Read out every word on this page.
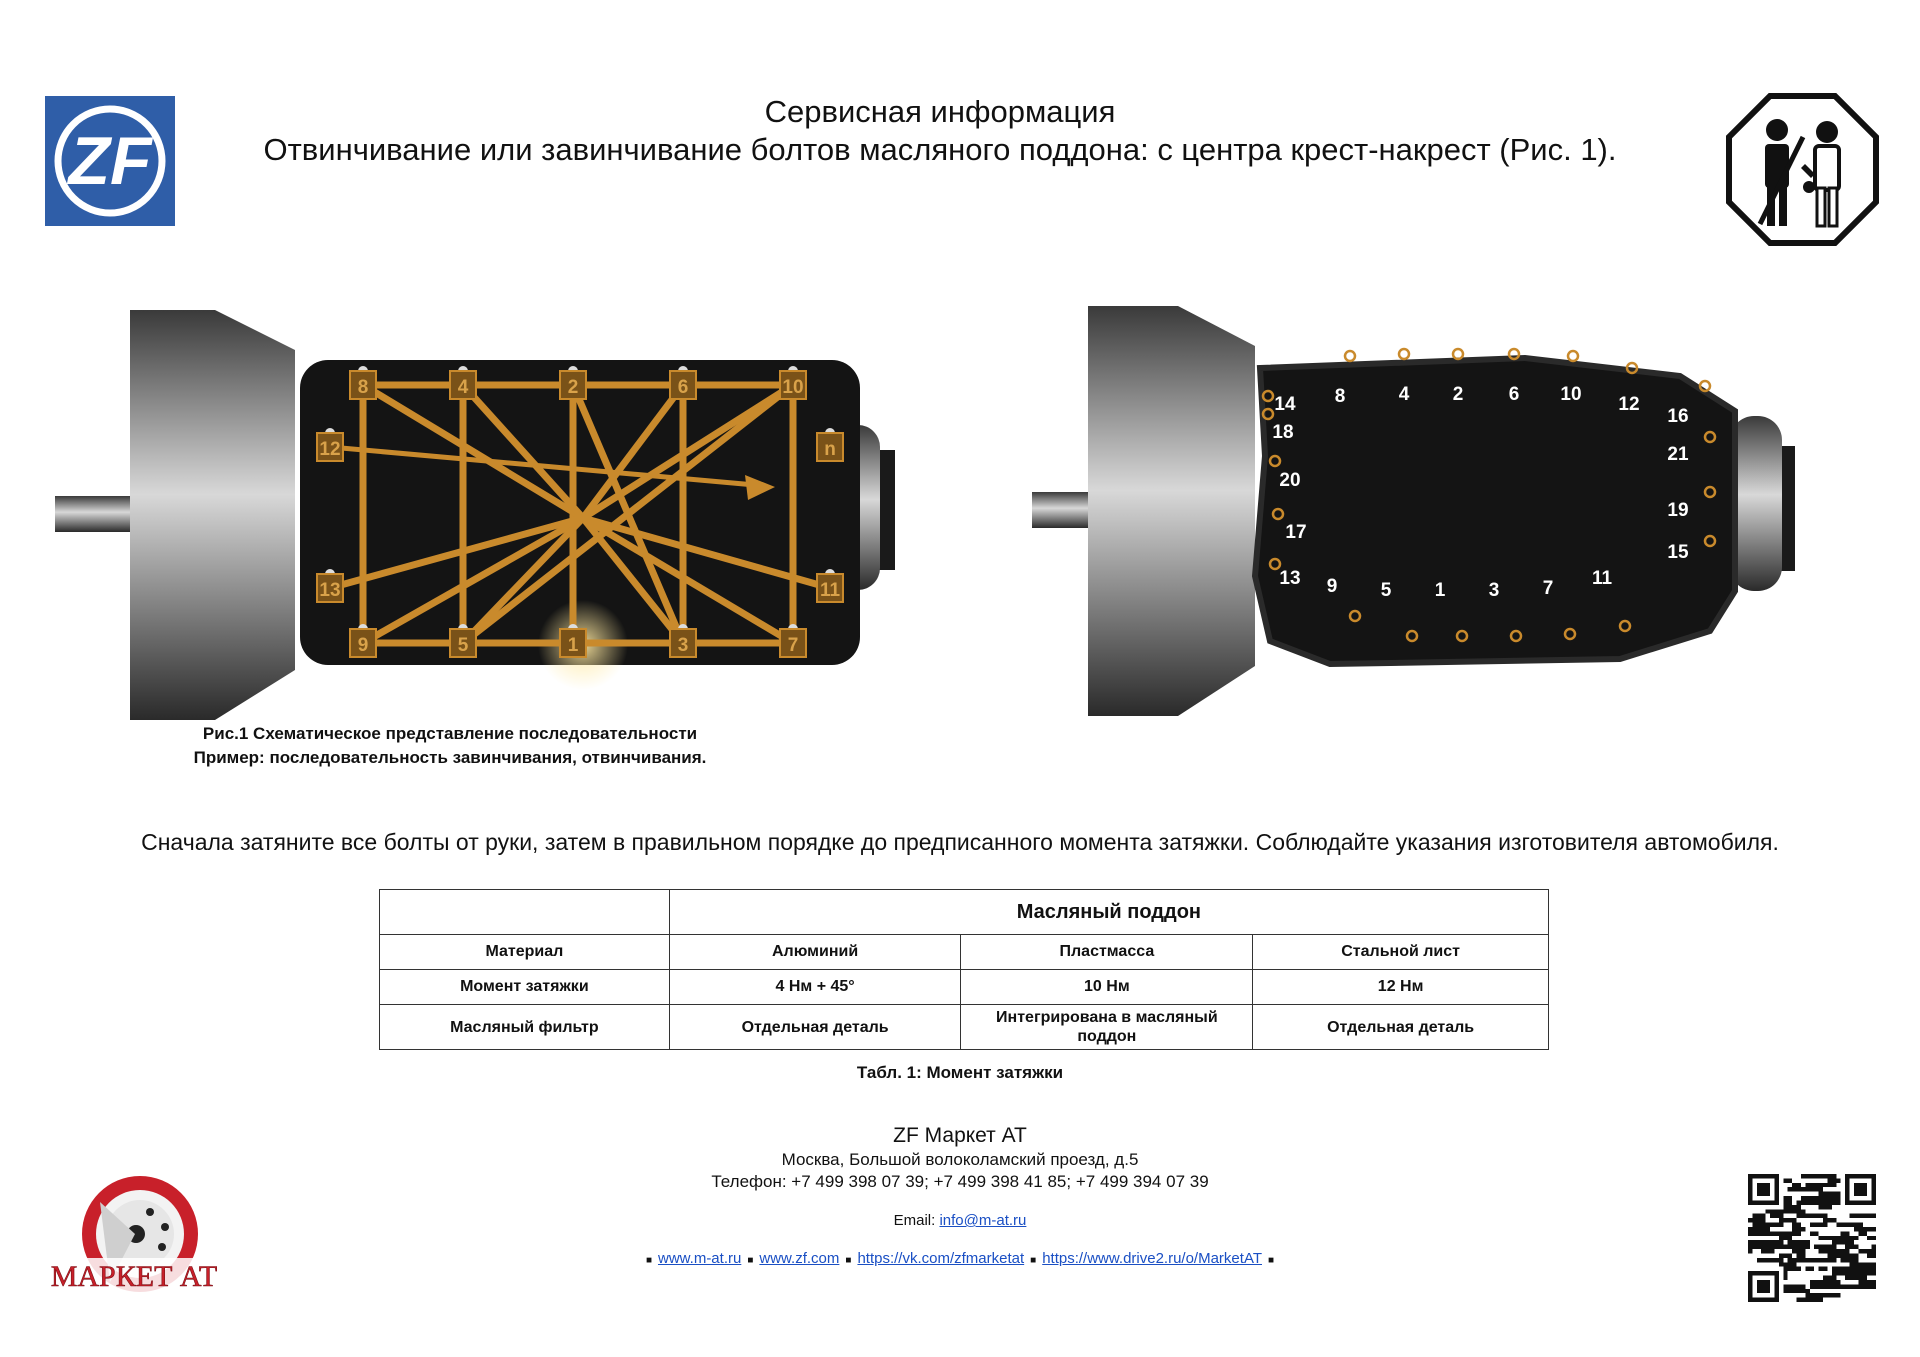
ZF
Сервисная информация
Отвинчивание или завинчивание болтов масляного поддона: с центра крест-накрест (Рис. 1).
8	4	2	6	10
9	5	1	3	7
12
13
n
11
14 8	4 2 6 10 12
16
18
21
20
19
17
15
13 9 5 1 3 7 11
Рис.1 Схематическое представление последовательности
Пример: последовательность завинчивания, отвинчивания.
Сначала затяните все болты от руки, затем в правильном порядке до предписанного момента затяжки. Соблюдайте указания изготовителя автомобиля.
	Масляный поддон		
Материал	Алюминий	Пластмасса	Стальной лист
Момент затяжки	4 Нм + 45°	10 Нм	12 Нм
Масляный фильтр	Отдельная деталь	Интегрирована в масляный поддон	Отдельная деталь
Табл. 1: Момент затяжки
ZF Маркет АТ
Москва, Большой волоколамский проезд, д.5
Телефон: +7 499 398 07 39; +7 499 398 41 85; +7 499 394 07 39
Email: info@m-at.ru
■ www.m-at.ru ■ www.zf.com ■ https://vk.com/zfmarketat ■ https://www.drive2.ru/o/MarketAT ■
МАРКЕТ АТ
